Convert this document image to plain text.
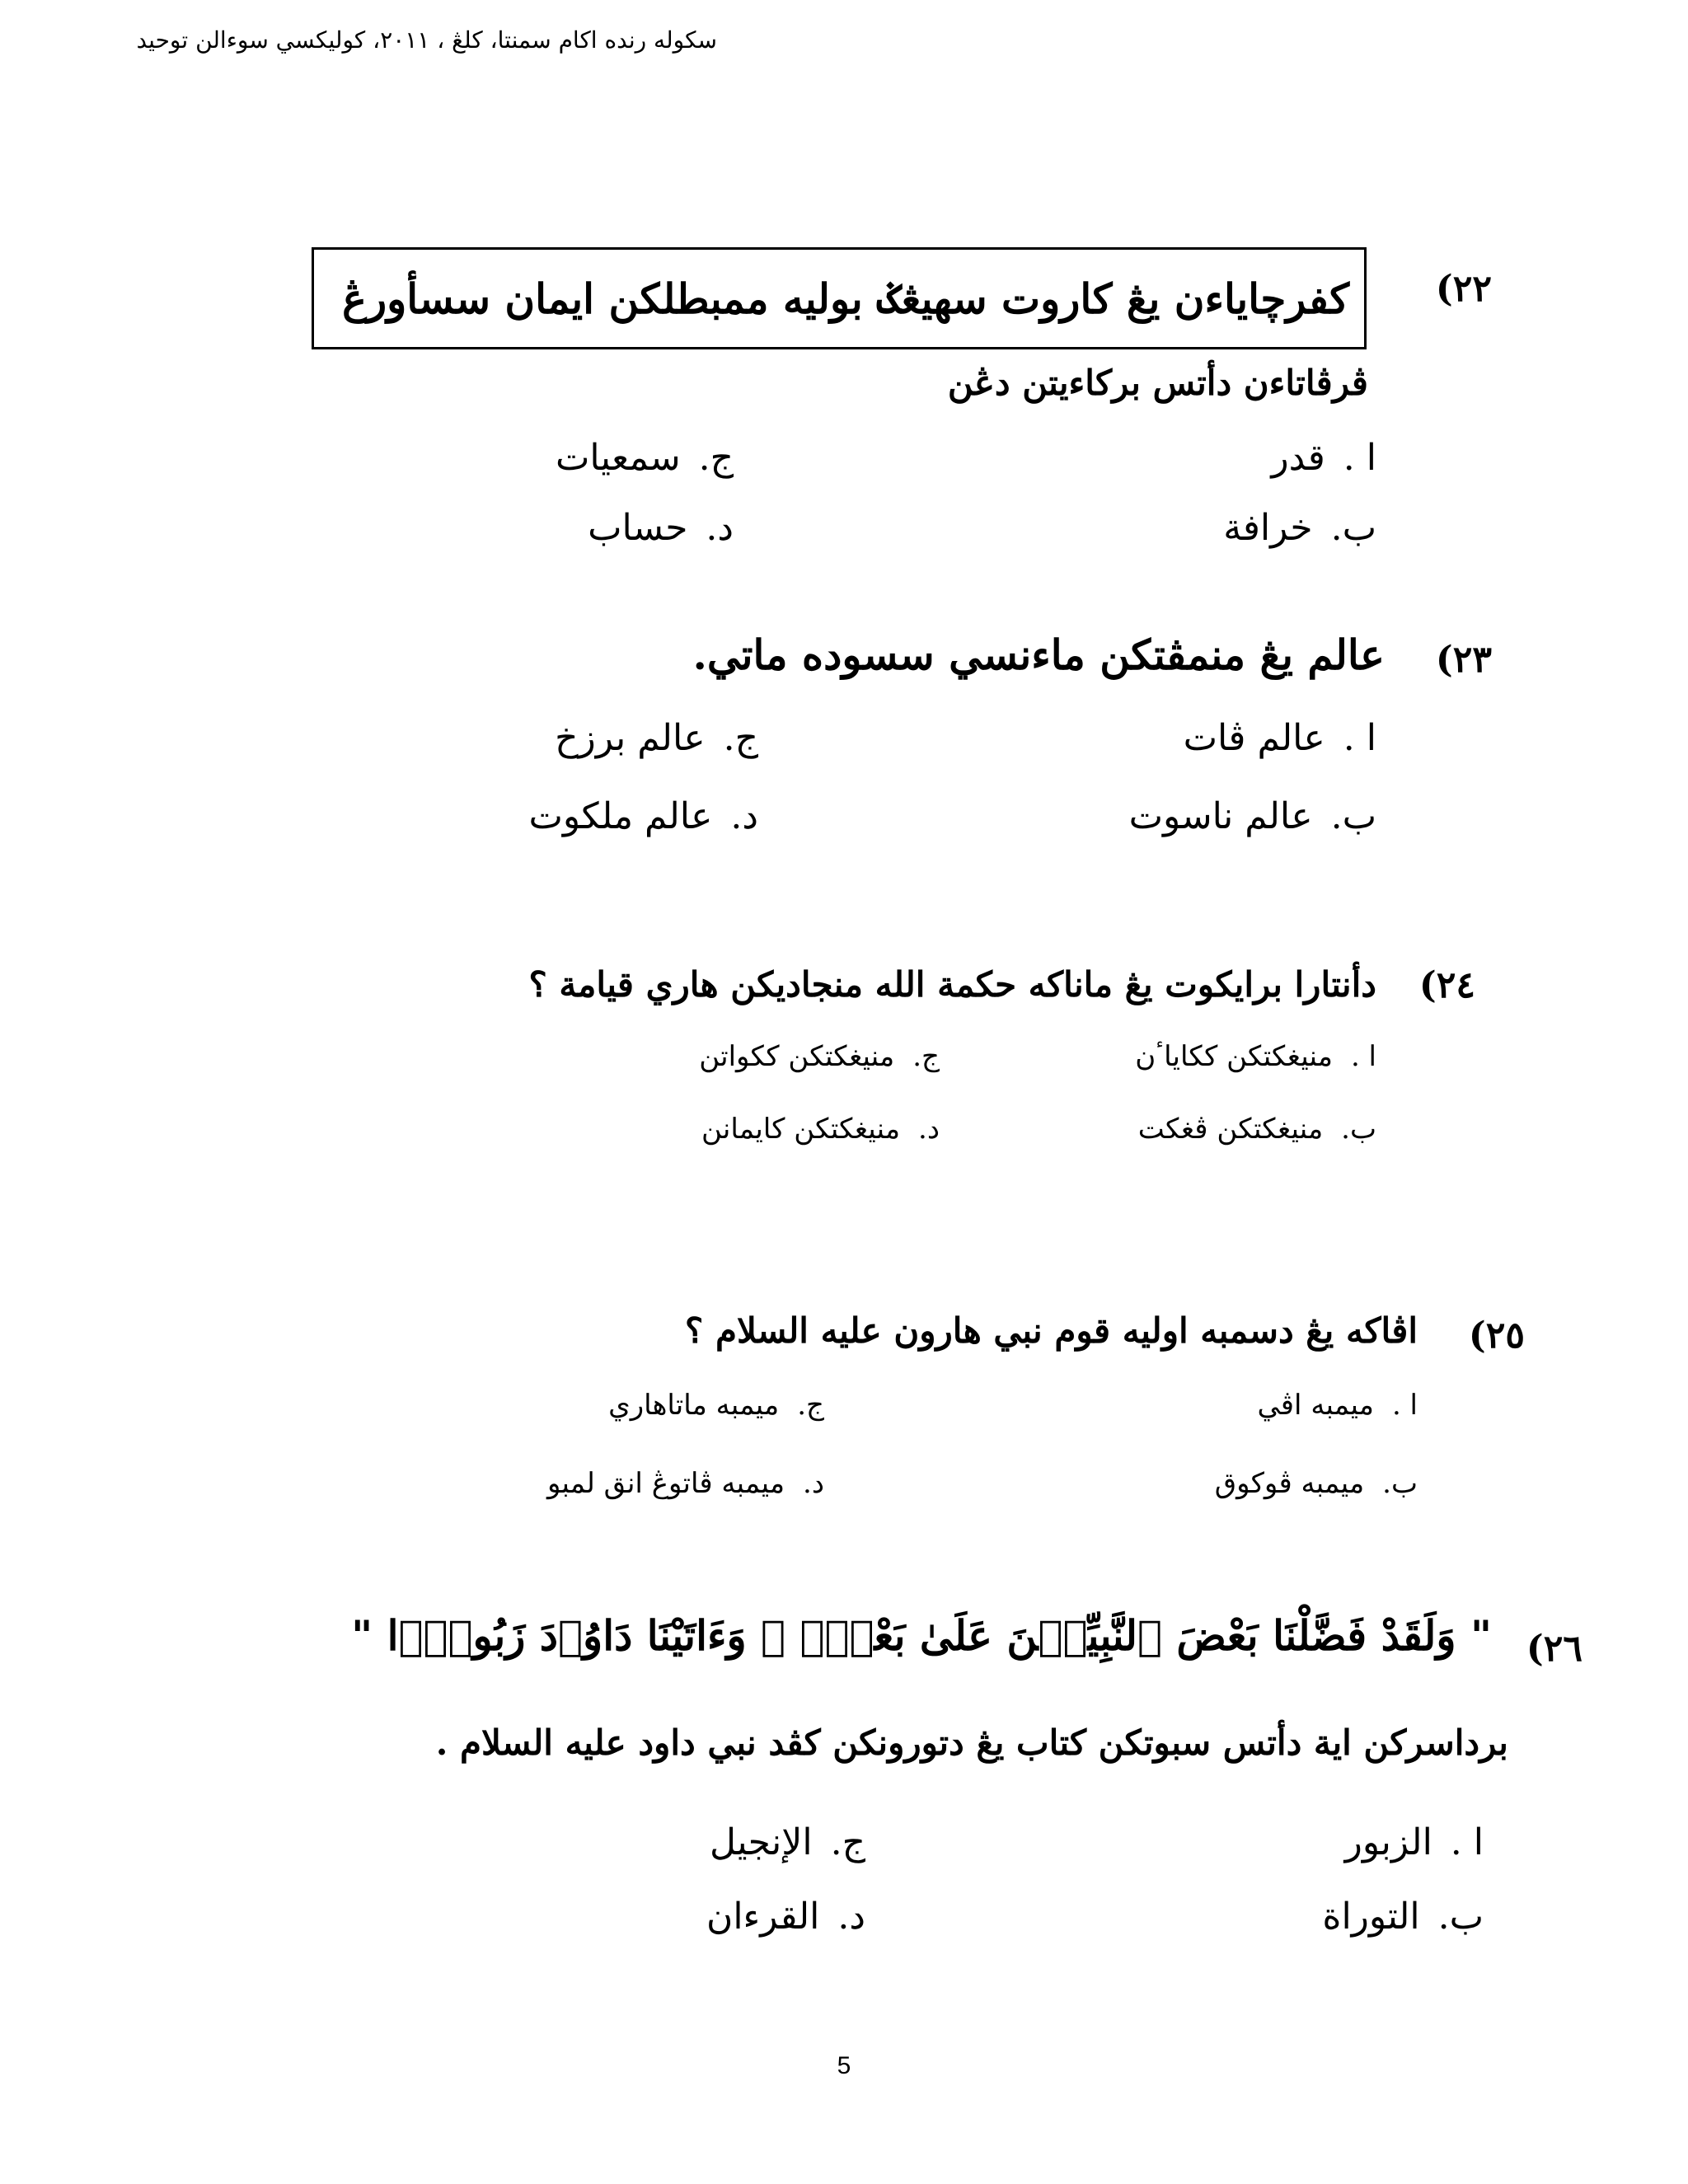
سکوله رنده اکام سمنتا، کلڠ ، ٢٠١١، کوليکسي سوءالن توحيد
٢٢)
کفرچاياءن يڠ کاروت سهيڠݢ بوليه ممبطلکن ايمان سسأورڠ
ڤرڤاتاءن دأتس برکاءيتن دڠن
ا .
قدر
ب.
خرافة
ج.
سمعيات
د.
حساب
٢٣)
عالم يڠ منمڤتکن ماءنسي سسوده ماتي.
ا .
عالم ڤات
ب.
عالم ناسوت
ج.
عالم برزخ
د.
عالم ملکوت
٢٤)
دأنتارا برايکوت يڠ ماناکه حکمة الله منجاديکن هاري قيامة ؟
ا .
منيغکتکن ککاياٴن
ب.
منيغکتکن ڤغکت
ج.
منيغکتکن ککواتن
د.
منيغکتکن کايمانن
٢٥)
اڤاکه يڠ دسمبه اوليه قوم نبي هارون عليه السلام ؟
ا .
ميمبه اڤي
ب.
ميمبه ڤوکوق
ج.
ميمبه ماتاهاري
د.
ميمبه ڤاتوڠ انق لمبو
٢٦)
" وَلَقَدْ فَضَّلْنَا بَعْضَ ٱلنَّبِيِّـۧنَ عَلَىٰ بَعْضٍۢ ۖ وَءَاتَيْنَا دَاوُۥدَ زَبُورًۭا "
برداسرکن اية دأتس سبوتکن کتاب يڠ دتورونکن کڤد نبي داود عليه السلام .
ا .
الزبور
ب.
التوراة
ج.
الإنجيل
د.
القرءان
5
